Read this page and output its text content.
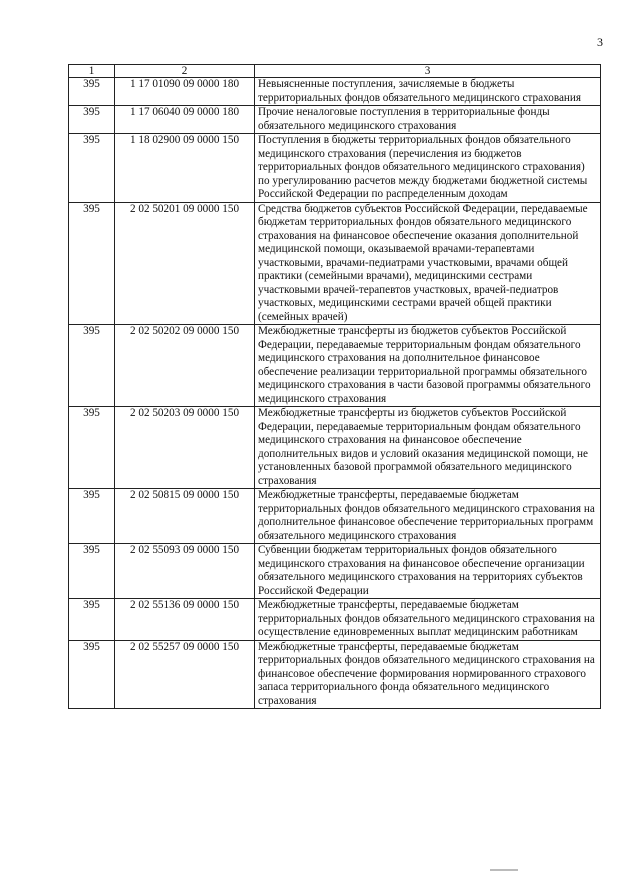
3
1	2	3
395	1 17 01090 09 0000 180	Невыясненные поступления, зачисляемые в бюджеты территориальных фондов обязательного медицинского страхования
395	1 17 06040 09 0000 180	Прочие неналоговые поступления в территориальные фонды обязательного медицинского страхования
395	1 18 02900 09 0000 150	Поступления в бюджеты территориальных фондов обязательного медицинского страхования (перечисления из бюджетов территориальных фондов обязательного медицинского страхования) по урегулированию расчетов между бюджетами бюджетной системы Российской Федерации по распределенным доходам
395	2 02 50201 09 0000 150	Средства бюджетов субъектов Российской Федерации, передаваемые бюджетам территориальных фондов обязательного медицинского страхования на финансовое обеспечение оказания дополнительной медицинской помощи, оказываемой врачами-терапевтами участковыми, врачами-педиатрами участковыми, врачами общей практики (семейными врачами), медицинскими сестрами участковыми врачей-терапевтов участковых, врачей-педиатров участковых, медицинскими сестрами врачей общей практики (семейных врачей)
395	2 02 50202 09 0000 150	Межбюджетные трансферты из бюджетов субъектов Российской Федерации, передаваемые территориальным фондам обязательного медицинского страхования на дополнительное финансовое обеспечение реализации территориальной программы обязательного медицинского страхования в части базовой программы обязательного медицинского страхования
395	2 02 50203 09 0000 150	Межбюджетные трансферты из бюджетов субъектов Российской Федерации, передаваемые территориальным фондам обязательного медицинского страхования на финансовое обеспечение дополнительных видов и условий оказания медицинской помощи, не установленных базовой программой обязательного медицинского страхования
395	2 02 50815 09 0000 150	Межбюджетные трансферты, передаваемые бюджетам территориальных фондов обязательного медицинского страхования на дополнительное финансовое обеспечение территориальных программ обязательного медицинского страхования
395	2 02 55093 09 0000 150	Субвенции бюджетам территориальных фондов обязательного медицинского страхования на финансовое обеспечение организации обязательного медицинского страхования на территориях субъектов Российской Федерации
395	2 02 55136 09 0000 150	Межбюджетные трансферты, передаваемые бюджетам территориальных фондов обязательного медицинского страхования на осуществление единовременных выплат медицинским работникам
395	2 02 55257 09 0000 150	Межбюджетные трансферты, передаваемые бюджетам территориальных фондов обязательного медицинского страхования на финансовое обеспечение формирования нормированного страхового запаса территориального фонда обязательного медицинского страхования
